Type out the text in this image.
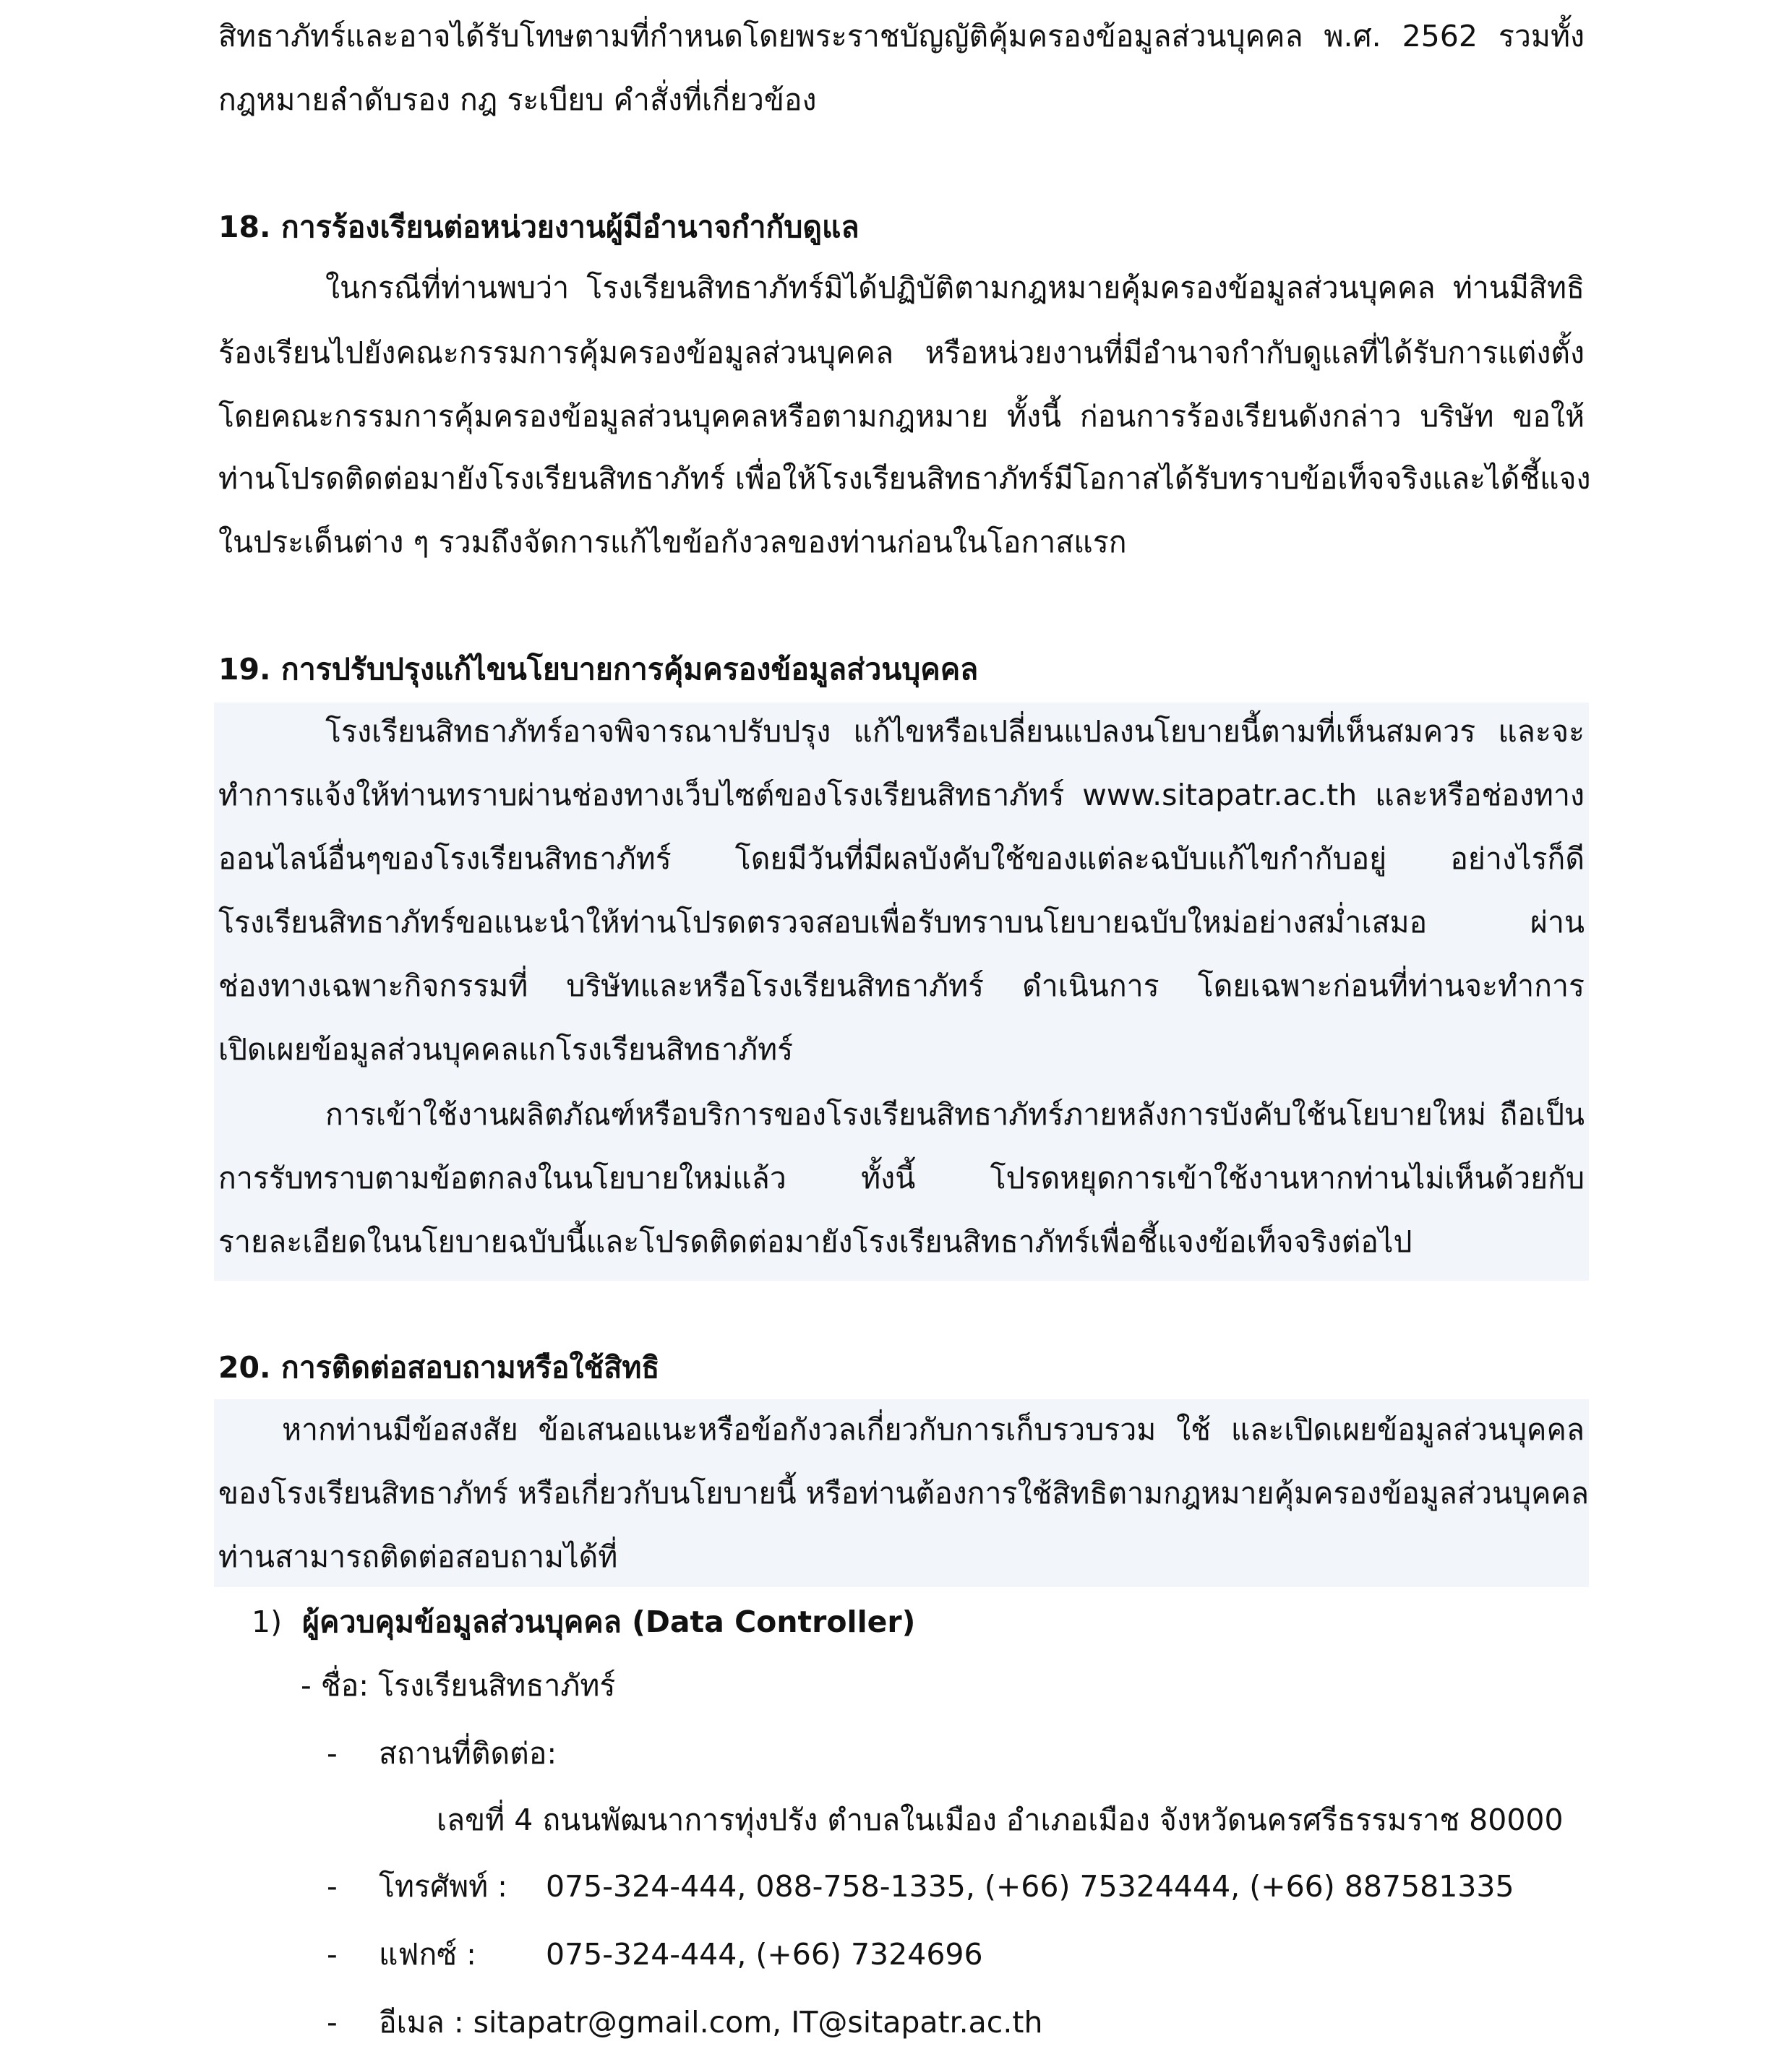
สิทธาภัทร์และอาจได้รับโทษตามที่กำหนดโดยพระราชบัญญัติคุ้มครองข้อมูลส่วนบุคคล พ.ศ. 2562 รวมทั้ง
กฎหมายลำดับรอง กฎ ระเบียบ คำสั่งที่เกี่ยวข้อง
18. การร้องเรียนต่อหน่วยงานผู้มีอำนาจกำกับดูแล
ในกรณีที่ท่านพบว่า โรงเรียนสิทธาภัทร์มิได้ปฏิบัติตามกฎหมายคุ้มครองข้อมูลส่วนบุคคล ท่านมีสิทธิ
ร้องเรียนไปยังคณะกรรมการคุ้มครองข้อมูลส่วนบุคคล หรือหน่วยงานที่มีอำนาจกำกับดูแลที่ได้รับการแต่งตั้ง
โดยคณะกรรมการคุ้มครองข้อมูลส่วนบุคคลหรือตามกฎหมาย ทั้งนี้ ก่อนการร้องเรียนดังกล่าว บริษัท ขอให้
ท่านโปรดติดต่อมายังโรงเรียนสิทธาภัทร์ เพื่อให้โรงเรียนสิทธาภัทร์มีโอกาสได้รับทราบข้อเท็จจริงและได้ชี้แจง
ในประเด็นต่าง ๆ รวมถึงจัดการแก้ไขข้อกังวลของท่านก่อนในโอกาสแรก
19. การปรับปรุงแก้ไขนโยบายการคุ้มครองข้อมูลส่วนบุคคล
โรงเรียนสิทธาภัทร์อาจพิจารณาปรับปรุง แก้ไขหรือเปลี่ยนแปลงนโยบายนี้ตามที่เห็นสมควร และจะ
ทำการแจ้งให้ท่านทราบผ่านช่องทางเว็บไซต์ของโรงเรียนสิทธาภัทร์ www.sitapatr.ac.th และหรือช่องทาง
ออนไลน์อื่นๆของโรงเรียนสิทธาภัทร์ โดยมีวันที่มีผลบังคับใช้ของแต่ละฉบับแก้ไขกำกับอยู่ อย่างไรก็ดี
โรงเรียนสิทธาภัทร์ขอแนะนำให้ท่านโปรดตรวจสอบเพื่อรับทราบนโยบายฉบับใหม่อย่างสม่ำเสมอ ผ่าน
ช่องทางเฉพาะกิจกรรมที่ บริษัทและหรือโรงเรียนสิทธาภัทร์ ดำเนินการ โดยเฉพาะก่อนที่ท่านจะทำการ
เปิดเผยข้อมูลส่วนบุคคลแกโรงเรียนสิทธาภัทร์
การเข้าใช้งานผลิตภัณฑ์หรือบริการของโรงเรียนสิทธาภัทร์ภายหลังการบังคับใช้นโยบายใหม่ ถือเป็น
การรับทราบตามข้อตกลงในนโยบายใหม่แล้ว ทั้งนี้ โปรดหยุดการเข้าใช้งานหากท่านไม่เห็นด้วยกับ
รายละเอียดในนโยบายฉบับนี้และโปรดติดต่อมายังโรงเรียนสิทธาภัทร์เพื่อชี้แจงข้อเท็จจริงต่อไป
20. การติดต่อสอบถามหรือใช้สิทธิ
หากท่านมีข้อสงสัย ข้อเสนอแนะหรือข้อกังวลเกี่ยวกับการเก็บรวบรวม ใช้ และเปิดเผยข้อมูลส่วนบุคคล
ของโรงเรียนสิทธาภัทร์ หรือเกี่ยวกับนโยบายนี้ หรือท่านต้องการใช้สิทธิตามกฎหมายคุ้มครองข้อมูลส่วนบุคคล
ท่านสามารถติดต่อสอบถามได้ที่
1) ผู้ควบคุมข้อมูลส่วนบุคคล (Data Controller)
- ชื่อ: โรงเรียนสิทธาภัทร์
- สถานที่ติดต่อ:
เลขที่ 4 ถนนพัฒนาการทุ่งปรัง ตำบลในเมือง อำเภอเมือง จังหวัดนครศรีธรรมราช 80000
- โทรศัพท์ : 075-324-444, 088-758-1335, (+66) 75324444, (+66) 887581335
- แฟกซ์ : 075-324-444, (+66) 7324696
- อีเมล : sitapatr@gmail.com, IT@sitapatr.ac.th
